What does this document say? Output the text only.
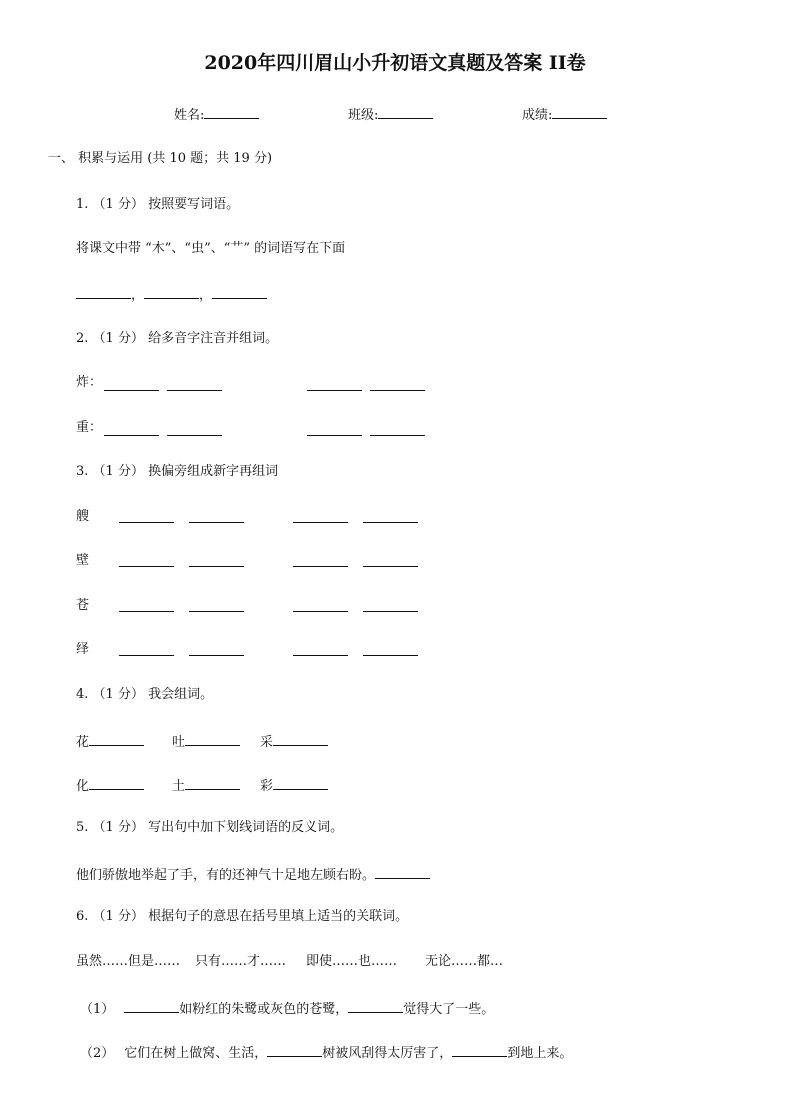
2020年四川眉山小升初语文真题及答案 II卷
姓名:	班级:	成绩:
一、 积累与运用 (共 10 题；共 19 分)
1. （1 分） 按照要写词语。
将课文中带 “木”、“虫”、“艹” 的词语写在下面
，	，
2. （1 分） 给多音字注音并组词。
炸：
重：
3. （1 分） 换偏旁组成新字再组词
艘
壁
苍
绎
4. （1 分） 我会组词。
花	吐	采
化	土	彩
5. （1 分） 写出句中加下划线词语的反义词。
他们骄傲地举起了手，有的还神气十足地左顾右盼。
6. （1 分） 根据句子的意思在括号里填上适当的关联词。
虽然……但是…… 只有……才…… 即使……也…… 无论……都…
（1）	如粉红的朱鹭或灰色的苍鹭，	觉得大了一些。
（2） 它们在树上做窝、生活，	树被风刮得太厉害了，	到地上来。
